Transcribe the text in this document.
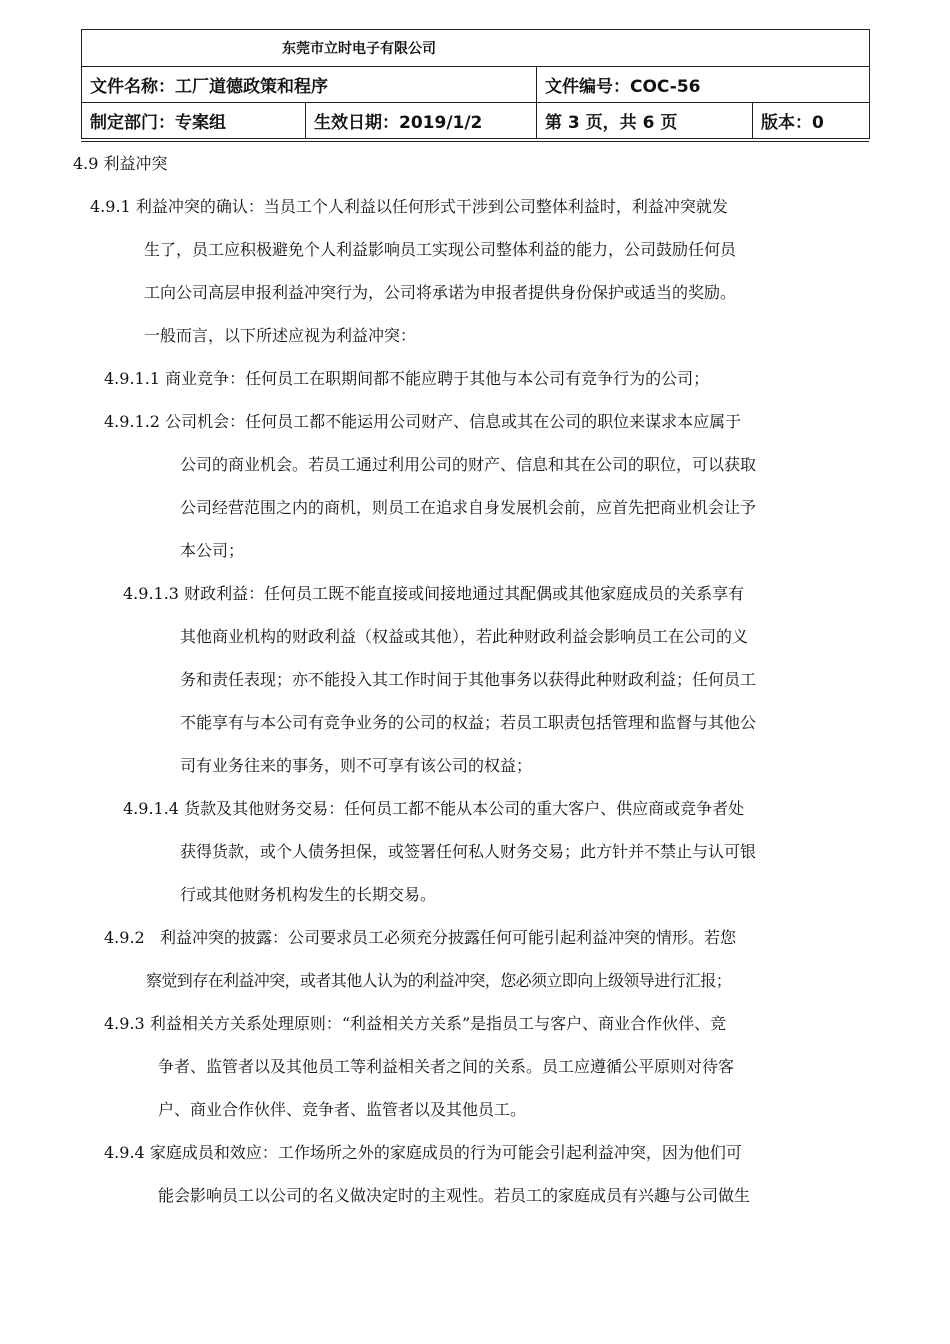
东莞市立时电子有限公司			
文件名称：工厂道德政策和程序		文件编号：COC-56	
制定部门：专案组	生效日期：2019/1/2	第 3 页，共 6 页	版本：0
4.9 利益冲突
4.9.1 利益冲突的确认：当员工个人利益以任何形式干涉到公司整体利益时，利益冲突就发
生了，员工应积极避免个人利益影响员工实现公司整体利益的能力，公司鼓励任何员
工向公司高层申报利益冲突行为，公司将承诺为申报者提供身份保护或适当的奖励。
一般而言，以下所述应视为利益冲突：
4.9.1.1 商业竞争：任何员工在职期间都不能应聘于其他与本公司有竞争行为的公司；
4.9.1.2 公司机会：任何员工都不能运用公司财产、信息或其在公司的职位来谋求本应属于
公司的商业机会。若员工通过利用公司的财产、信息和其在公司的职位，可以获取
公司经营范围之内的商机，则员工在追求自身发展机会前，应首先把商业机会让予
本公司；
4.9.1.3 财政利益：任何员工既不能直接或间接地通过其配偶或其他家庭成员的关系享有
其他商业机构的财政利益（权益或其他），若此种财政利益会影响员工在公司的义
务和责任表现；亦不能投入其工作时间于其他事务以获得此种财政利益；任何员工
不能享有与本公司有竞争业务的公司的权益；若员工职责包括管理和监督与其他公
司有业务往来的事务，则不可享有该公司的权益；
4.9.1.4 货款及其他财务交易：任何员工都不能从本公司的重大客户、供应商或竞争者处
获得货款，或个人债务担保，或签署任何私人财务交易；此方针并不禁止与认可银
行或其他财务机构发生的长期交易。
4.9.2 利益冲突的披露：公司要求员工必须充分披露任何可能引起利益冲突的情形。若您
察觉到存在利益冲突，或者其他人认为的利益冲突，您必须立即向上级领导进行汇报；
4.9.3 利益相关方关系处理原则：“利益相关方关系”是指员工与客户、商业合作伙伴、竞
争者、监管者以及其他员工等利益相关者之间的关系。员工应遵循公平原则对待客
户、商业合作伙伴、竞争者、监管者以及其他员工。
4.9.4 家庭成员和效应：工作场所之外的家庭成员的行为可能会引起利益冲突，因为他们可
能会影响员工以公司的名义做决定时的主观性。若员工的家庭成员有兴趣与公司做生
